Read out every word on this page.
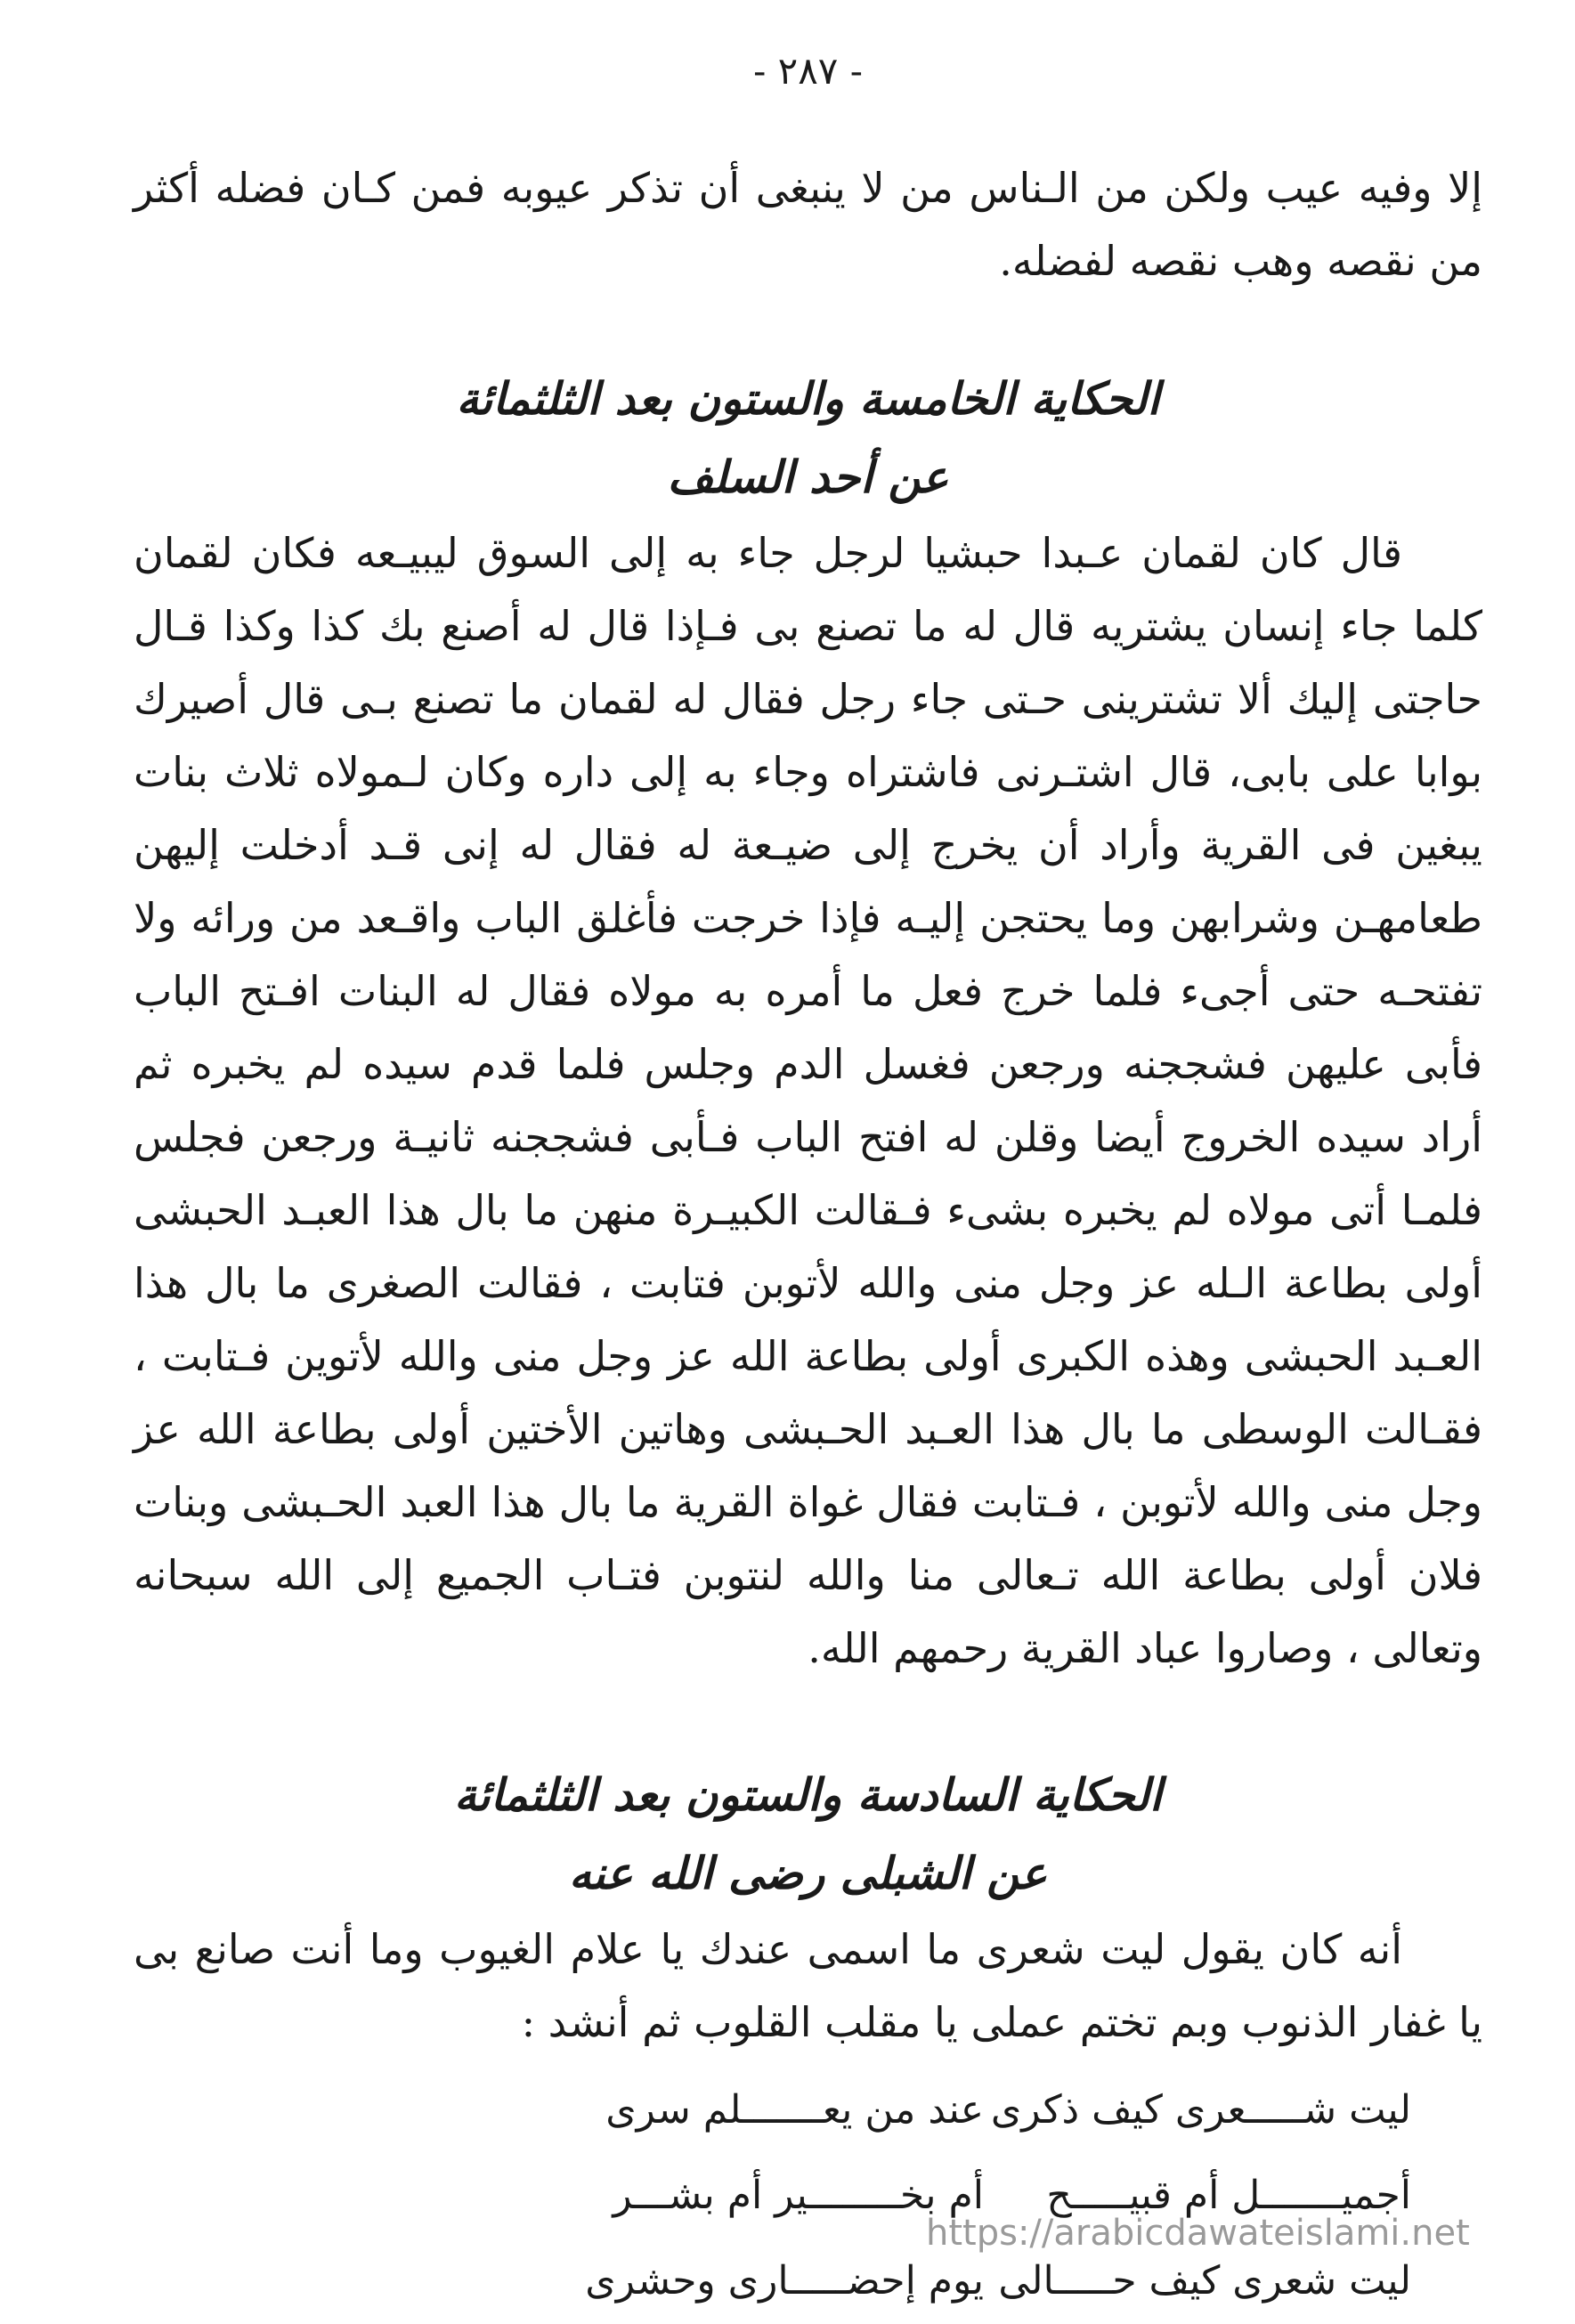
- ٢٨٧ -

إلا وفيه عيب ولكن من الـناس من لا ينبغى أن تذكر عيوبه فمن كـان فضله أكثر من نقصه وهب نقصه لفضله.

الحكاية الخامسة والستون بعد الثلثمائة

عن أحد السلف

قال كان لقمان عـبدا حبشيا لرجل جاء به إلى السوق ليبيـعه فكان لقمان كلما جاء إنسان يشتريه قال له ما تصنع بى فـإذا قال له أصنع بك كذا وكذا قـال حاجتى إليك ألا تشترينى حـتى جاء رجل فقال له لقمان ما تصنع بـى قال أصيرك بوابا على بابى، قال اشتـرنى فاشتراه وجاء به إلى داره وكان لـمولاه ثلاث بنات يبغين فى القرية وأراد أن يخرج إلى ضيـعة له فقال له إنى قـد أدخلت إليهن طعامهـن وشرابهن وما يحتجن إليـه فإذا خرجت فأغلق الباب واقـعد من ورائه ولا تفتحـه حتى أجىء فلما خرج فعل ما أمره به مولاه فقال له البنات افـتح الباب فأبى عليهن فشججنه ورجعن فغسل الدم وجلس فلما قدم سيده لم يخبره ثم أراد سيده الخروج أيضا وقلن له افتح الباب فـأبى فشججنه ثانيـة ورجعن فجلس فلمـا أتى مولاه لم يخبره بشىء فـقالت الكبيـرة منهن ما بال هذا العبـد الحبشى أولى بطاعة الـله عز وجل منى والله لأتوبن فتابت ، فقالت الصغرى ما بال هذا العـبد الحبشى وهذه الكبرى أولى بطاعة الله عز وجل منى والله لأتوين فـتابت ، فقـالت الوسطى ما بال هذا العـبد الحـبشى وهاتين الأختين أولى بطاعة الله عز وجل منى والله لأتوبن ، فـتابت فقال غواة القرية ما بال هذا العبد الحـبشى وبنات فلان أولى بطاعة الله تـعالى منا والله لنتوبن فتـاب الجميع إلى الله سبحانه وتعالى ، وصاروا عباد القرية رحمهم الله.

الحكاية السادسة والستون بعد الثلثمائة

عن الشبلى رضى الله عنه

أنه كان يقول ليت شعرى ما اسمى عندك يا علام الغيوب وما أنت صانع بى يا غفار الذنوب وبم تختم عملى يا مقلب القلوب ثم أنشد :

ليت شـــــعرى كيف ذكرى
عند من يعـــــــلم سرى
أجميـــــــل أم قبيـــــح
أم بخــــــــير أم بشـــر
ليت شعرى كيف حـــــالى
يوم إحضـــــارى وحشرى
https://arabicdawateislami.net
